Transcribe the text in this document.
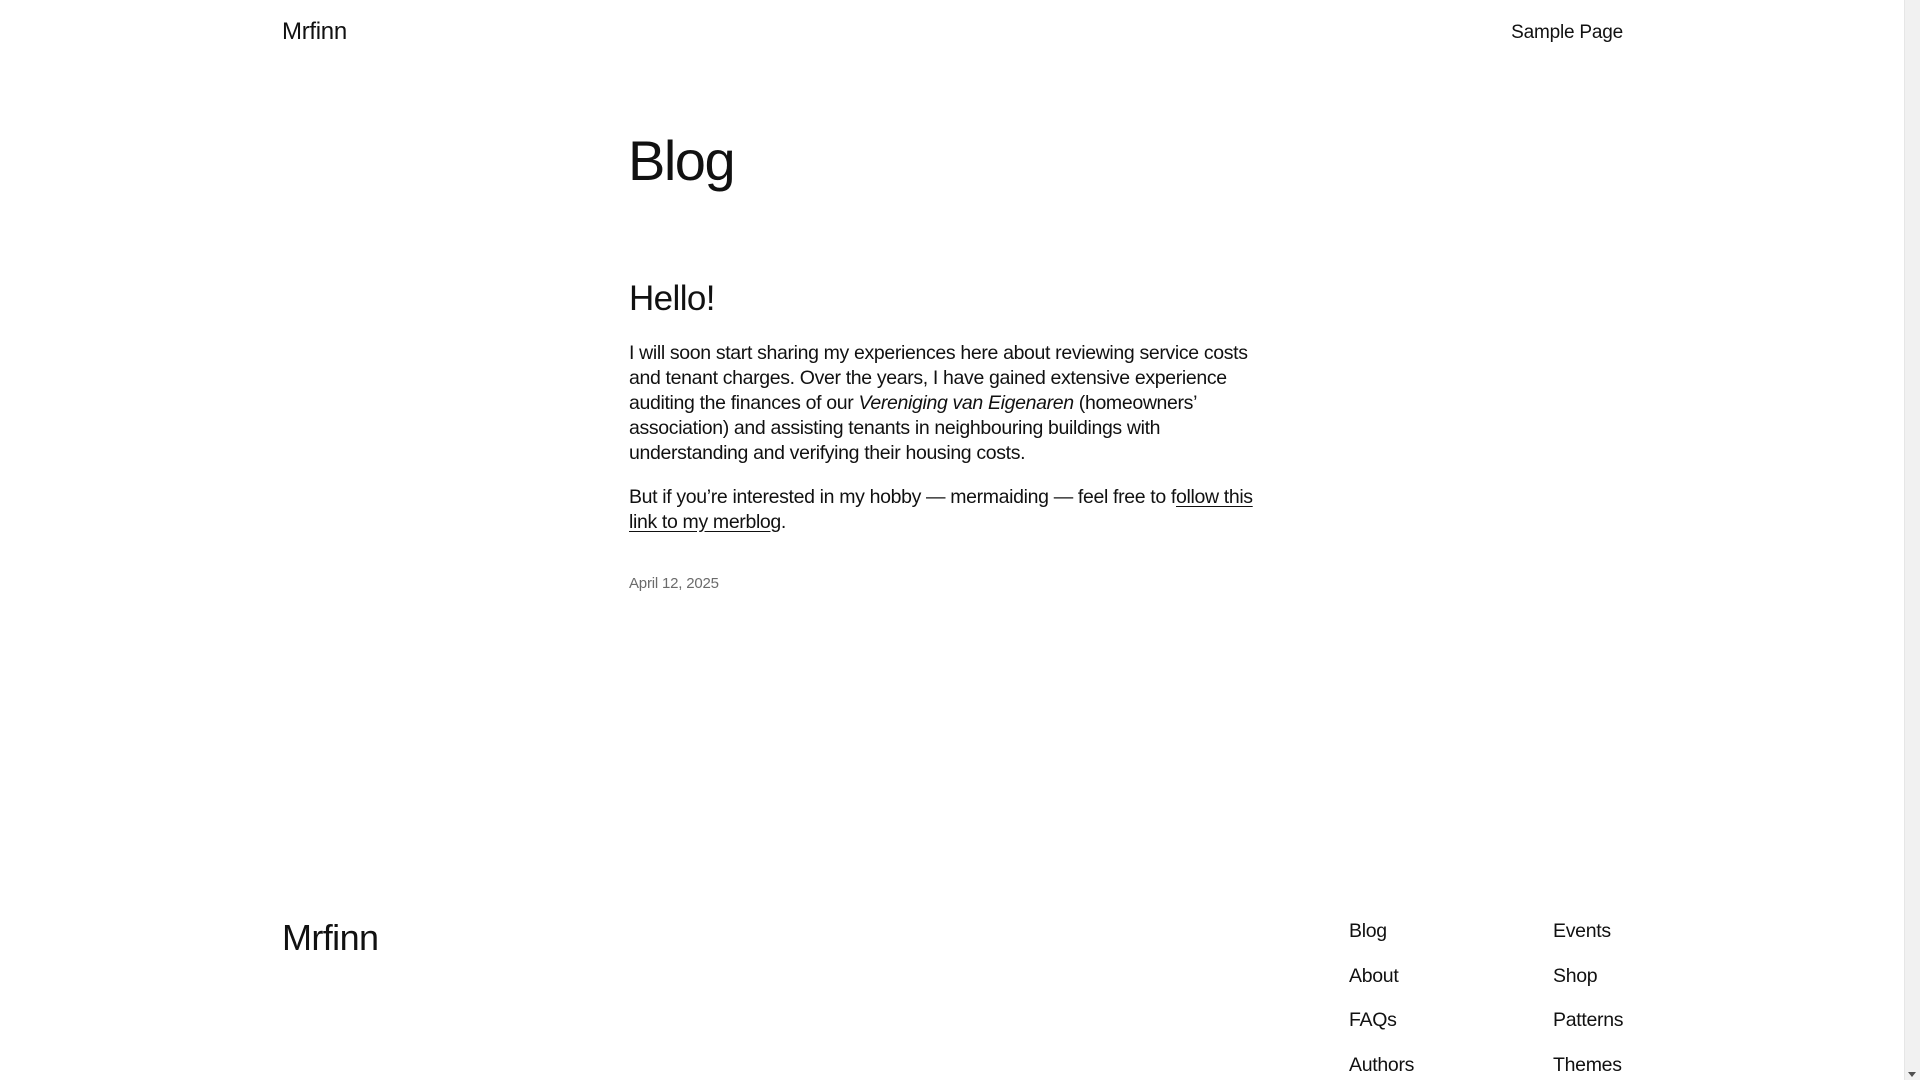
Mrfinn	Sample Page
Blog
Hello!

I will soon start sharing my experiences here about reviewing service costs and tenant charges. Over the years, I have gained extensive experience auditing the finances of our Vereniging van Eigenaren (homeowners’ association) and assisting tenants in neighbouring buildings with understanding and verifying their housing costs.

But if you’re interested in my hobby — mermaiding — feel free to follow this link to my merblog.

April 12, 2025
Mrfinn	Blog
About
FAQs
Authors
Events
Shop
Patterns
Themes
